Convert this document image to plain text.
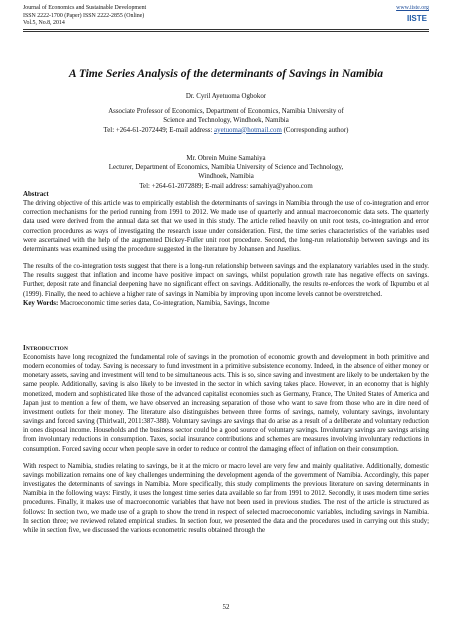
Journal of Economics and Sustainable Development
ISSN 2222-1700 (Paper) ISSN 2222-2855 (Online)
Vol.5, No.8, 2014
www.iiste.org
IISTE
A Time Series Analysis of the determinants of Savings in Namibia
Dr. Cyril Ayetuoma Ogbokor
Associate Professor of Economics, Department of Economics, Namibia University of
Science and Technology, Windhoek, Namibia
Tel: +264-61-2072449; E-mail address: ayetuoma@hotmail.com (Corresponding author)
Mr. Obrein Muine Samahiya
Lecturer, Department of Economics, Namibia University of Science and Technology,
Windhoek, Namibia
Tel: +264-61-2072889; E-mail address: samahiya@yahoo.com
Abstract
The driving objective of this article was to empirically establish the determinants of savings in Namibia through the use of co-integration and error correction mechanisms for the period running from 1991 to 2012. We made use of quarterly and annual macroeconomic data sets. The quarterly data used were derived from the annual data set that we used in this study. The article relied heavily on unit root tests, co-integration and error correction procedures as ways of investigating the research issue under consideration. First, the time series characteristics of the variables used were ascertained with the help of the augmented Dickey-Fuller unit root procedure. Second, the long-run relationship between savings and its determinants was examined using the procedure suggested in the literature by Johansen and Juselius.
The results of the co-integration tests suggest that there is a long-run relationship between savings and the explanatory variables used in the study. The results suggest that inflation and income have positive impact on savings, whilst population growth rate has negative effects on savings. Further, deposit rate and financial deepening have no significant effect on savings. Additionally, the results re-enforces the work of Ikpumbu et al (1999). Finally, the need to achieve a higher rate of savings in Namibia by improving upon income levels cannot be overstretched.
Key Words: Macroeconomic time series data, Co-integration, Namibia, Savings, Income
INTRODUCTION
Economists have long recognized the fundamental role of savings in the promotion of economic growth and development in both primitive and modern economies of today. Saving is necessary to fund investment in a primitive subsistence economy. Indeed, in the absence of either money or monetary assets, saving and investment will tend to be simultaneous acts. This is so, since saving and investment are likely to be undertaken by the same people. Additionally, saving is also likely to be invested in the sector in which saving takes place. However, in an economy that is highly monetized, modern and sophisticated like those of the advanced capitalist economies such as Germany, France, The United States of America and Japan just to mention a few of them, we have observed an increasing separation of those who want to save from those who are in dire need of investment outlets for their money. The literature also distinguishes between three forms of savings, namely, voluntary savings, involuntary savings and forced saving (Thirlwall, 2011:387-388). Voluntary savings are savings that do arise as a result of a deliberate and voluntary reduction in ones disposal income. Households and the business sector could be a good source of voluntary savings. Involuntary savings are savings arising from involuntary reductions in consumption. Taxes, social insurance contributions and schemes are measures involving involuntary reductions in consumption. Forced saving occur when people save in order to reduce or control the damaging effect of inflation on their consumption.
With respect to Namibia, studies relating to savings, be it at the micro or macro level are very few and mainly qualitative. Additionally, domestic savings mobilization remains one of key challenges undermining the development agenda of the government of Namibia. Accordingly, this paper investigates the determinants of savings in Namibia. More specifically, this study compliments the previous literature on saving determinants in Namibia in the following ways: Firstly, it uses the longest time series data available so far from 1991 to 2012. Secondly, it uses modern time series procedures. Finally, it makes use of macroeconomic variables that have not been used in previous studies. The rest of the article is structured as follows: In section two, we made use of a graph to show the trend in respect of selected macroeconomic variables, including savings in Namibia. In section three; we reviewed related empirical studies. In section four, we presented the data and the procedures used in carrying out this study; while in section five, we discussed the various econometric results obtained through the
52
